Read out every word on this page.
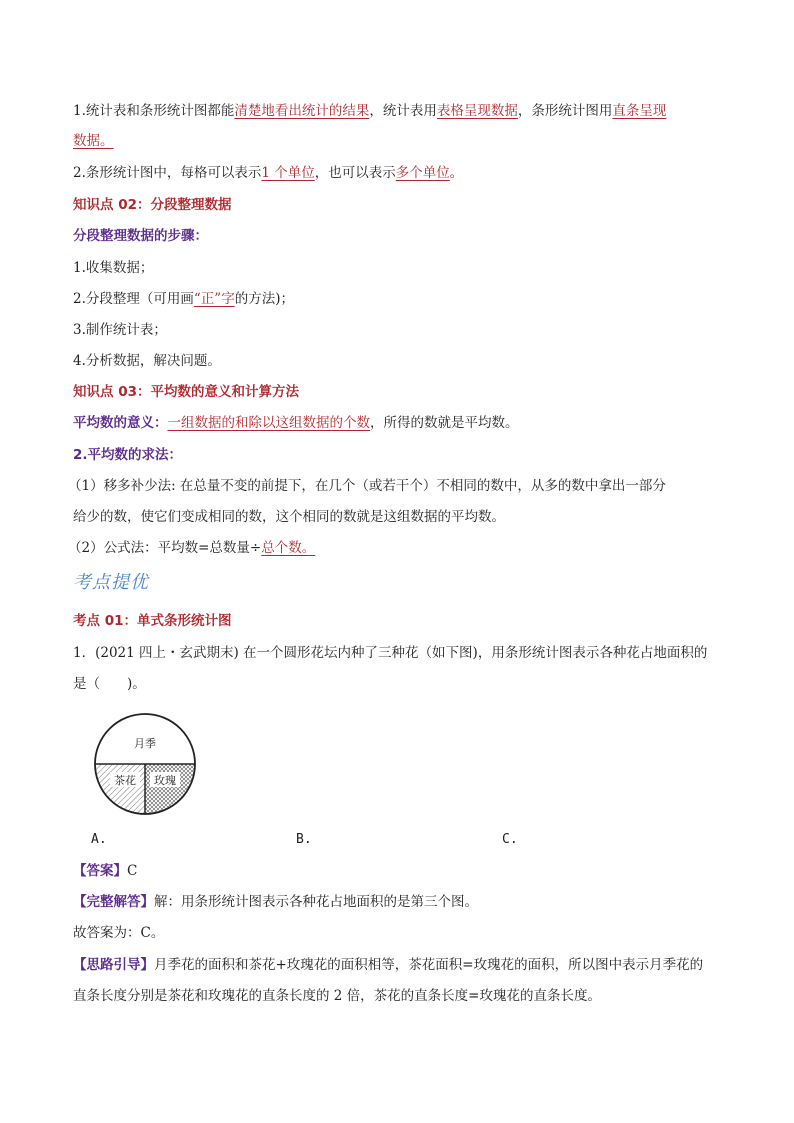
1.统计表和条形统计图都能清楚地看出统计的结果，统计表用表格呈现数据，条形统计图用直条呈现
数据。
2.条形统计图中，每格可以表示1 个单位，也可以表示多个单位。
知识点 02：分段整理数据
分段整理数据的步骤：
1.收集数据；
2.分段整理（可用画“正”字的方法)；
3.制作统计表；
4.分析数据，解决问题。
知识点 03：平均数的意义和计算方法
平均数的意义：一组数据的和除以这组数据的个数，所得的数就是平均数。
2.平均数的求法：
（1）移多补少法: 在总量不变的前提下，在几个（或若干个）不相同的数中，从多的数中拿出一部分
给少的数，使它们变成相同的数，这个相同的数就是这组数据的平均数。
（2）公式法：平均数=总数量÷总个数。
考点提优
考点 01：单式条形统计图
1．(2021 四上・玄武期末) 在一个圆形花坛内种了三种花（如下图)，用条形统计图表示各种花占地面积的
是（　　)。
月季
茶花 玫瑰
A.	B.	C.
【答案】C
【完整解答】解：用条形统计图表示各种花占地面积的是第三个图。
故答案为：C。
【思路引导】月季花的面积和茶花+玫瑰花的面积相等，茶花面积=玫瑰花的面积，所以图中表示月季花的
直条长度分别是茶花和玫瑰花的直条长度的 2 倍，茶花的直条长度=玫瑰花的直条长度。
